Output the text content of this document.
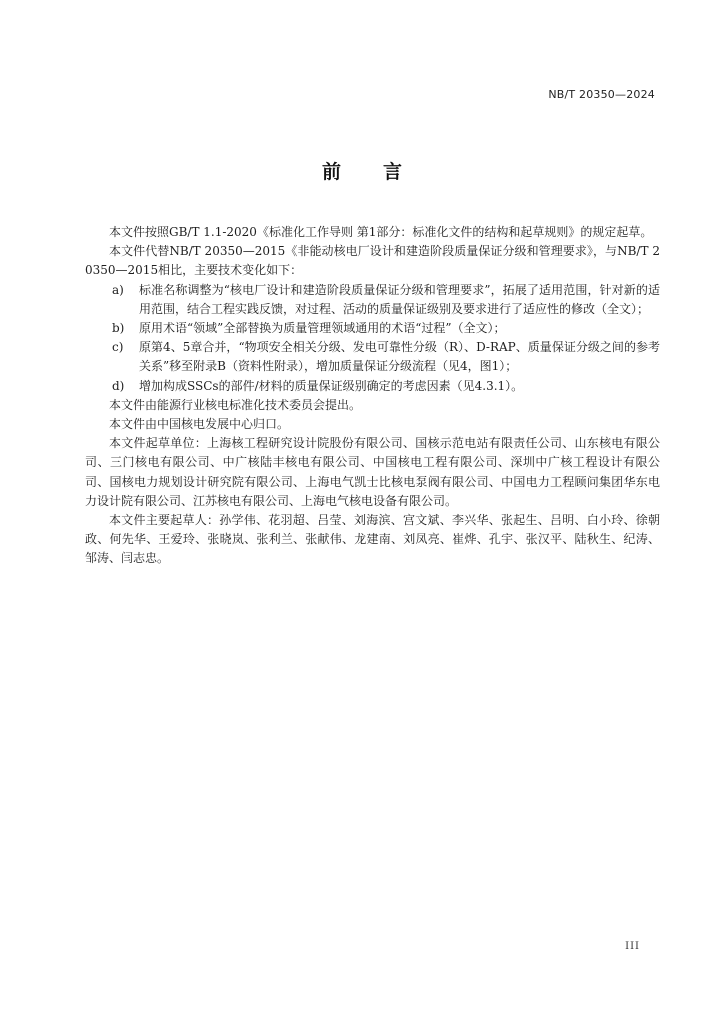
NB/T 20350—2024
前言

本文件按照GB/T 1.1-2020《标准化工作导则 第1部分：标准化文件的结构和起草规则》的规定起草。

本文件代替NB/T 20350—2015《非能动核电厂设计和建造阶段质量保证分级和管理要求》，与NB/T 20350—2015相比，主要技术变化如下：

a) 标准名称调整为“核电厂设计和建造阶段质量保证分级和管理要求”，拓展了适用范围，针对新的适用范围，结合工程实践反馈，对过程、活动的质量保证级别及要求进行了适应性的修改（全文）；
b) 原用术语“领域”全部替换为质量管理领域通用的术语“过程”（全文）；
c) 原第4、5章合并，“物项安全相关分级、发电可靠性分级（R）、D-RAP、质量保证分级之间的参考关系”移至附录B（资料性附录），增加质量保证分级流程（见4，图1）；
d) 增加构成SSCs的部件/材料的质量保证级别确定的考虑因素（见4.3.1）。

本文件由能源行业核电标准化技术委员会提出。

本文件由中国核电发展中心归口。

本文件起草单位：上海核工程研究设计院股份有限公司、国核示范电站有限责任公司、山东核电有限公司、三门核电有限公司、中广核陆丰核电有限公司、中国核电工程有限公司、深圳中广核工程设计有限公司、国核电力规划设计研究院有限公司、上海电气凯士比核电泵阀有限公司、中国电力工程顾问集团华东电力设计院有限公司、江苏核电有限公司、上海电气核电设备有限公司。

本文件主要起草人：孙学伟、花羽超、吕莹、刘海滨、宫文斌、李兴华、张起生、吕明、白小玲、徐朝政、何先华、王爱玲、张晓岚、张利兰、张献伟、龙建南、刘凤亮、崔烨、孔宇、张汉平、陆秋生、纪涛、邹涛、闫志忠。

III
